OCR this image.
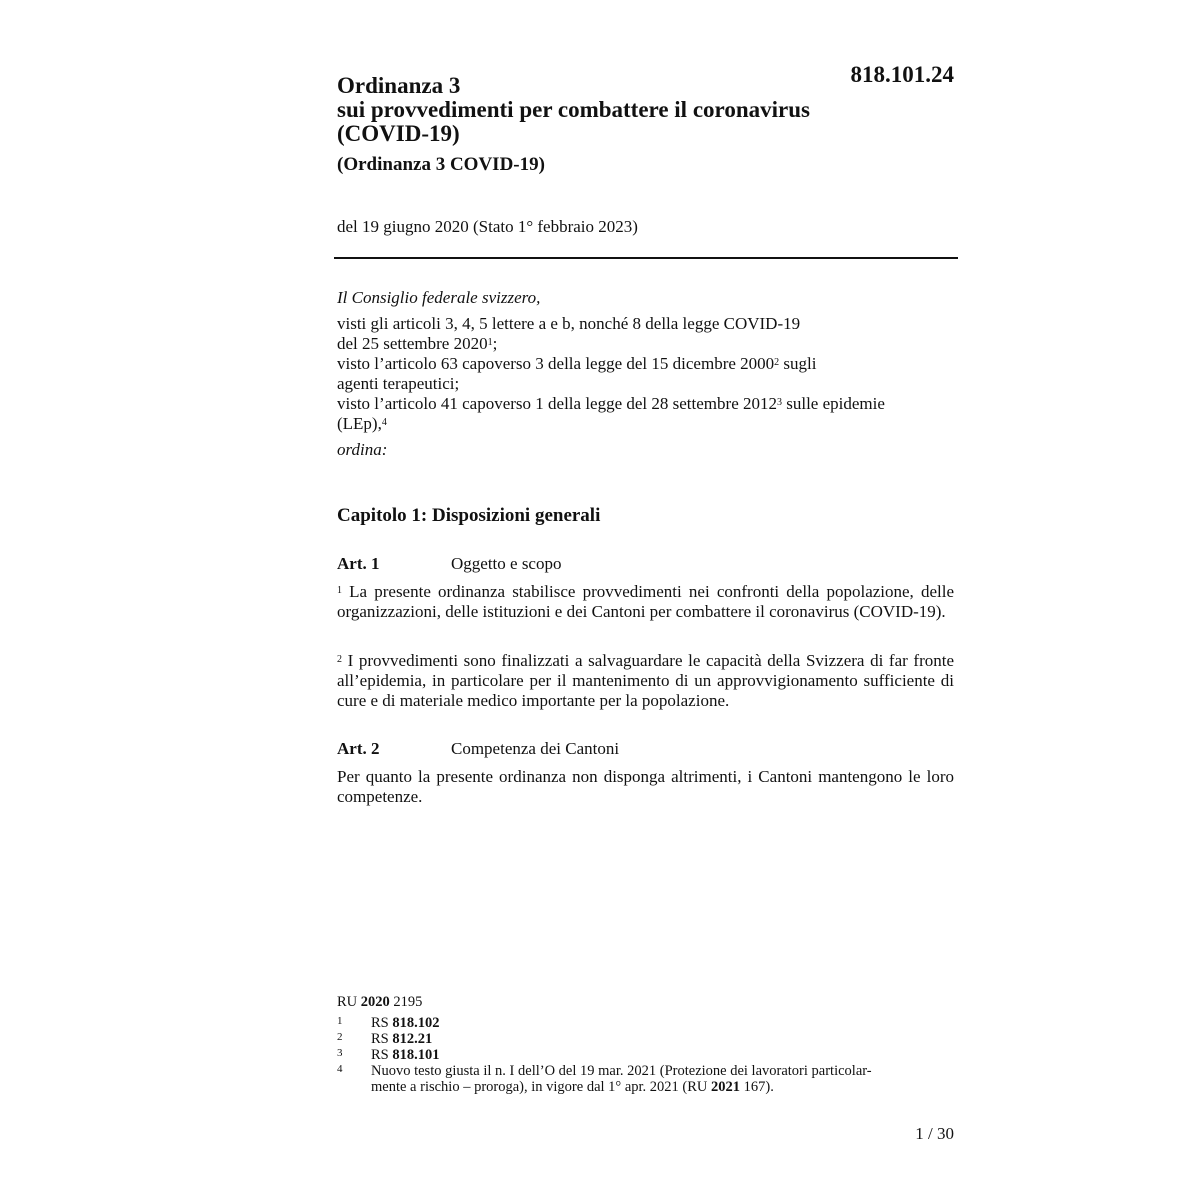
818.101.24
Ordinanza 3
sui provvedimenti per combattere il coronavirus
(COVID-19)
(Ordinanza 3 COVID-19)
del 19 giugno 2020 (Stato 1° febbraio 2023)

Il Consiglio federale svizzero,

visti gli articoli 3, 4, 5 lettere a e b, nonché 8 della legge COVID-19
del 25 settembre 2020$^1$;

visto l’articolo 63 capoverso 3 della legge del 15 dicembre 2000$^2$ sugli
agenti terapeutici;

visto l’articolo 41 capoverso 1 della legge del 28 settembre 2012$^3$ sulle epidemie
(LEp),$^4$

ordina:

Capitolo 1: Disposizioni generali
Art. 1	Oggetto e scopo

$^1$ La presente ordinanza stabilisce provvedimenti nei confronti della popolazione, delle organizzazioni, delle istituzioni e dei Cantoni per combattere il coronavirus (COVID-19).

$^2$ I provvedimenti sono finalizzati a salvaguardare le capacità della Svizzera di far fronte all’epidemia, in particolare per il mantenimento di un approvvigionamento sufficiente di cure e di materiale medico importante per la popolazione.

Art. 2	Competenza dei Cantoni

Per quanto la presente ordinanza non disponga altrimenti, i Cantoni mantengono le loro competenze.

RU 2020 2195
1 RS 818.102
2 RS 812.21
3 RS 818.101
4 Nuovo testo giusta il n. I dell’O del 19 mar. 2021 (Protezione dei lavoratori particolar-
mente a rischio – proroga), in vigore dal 1° apr. 2021 (RU 2021 167).
1 / 30
